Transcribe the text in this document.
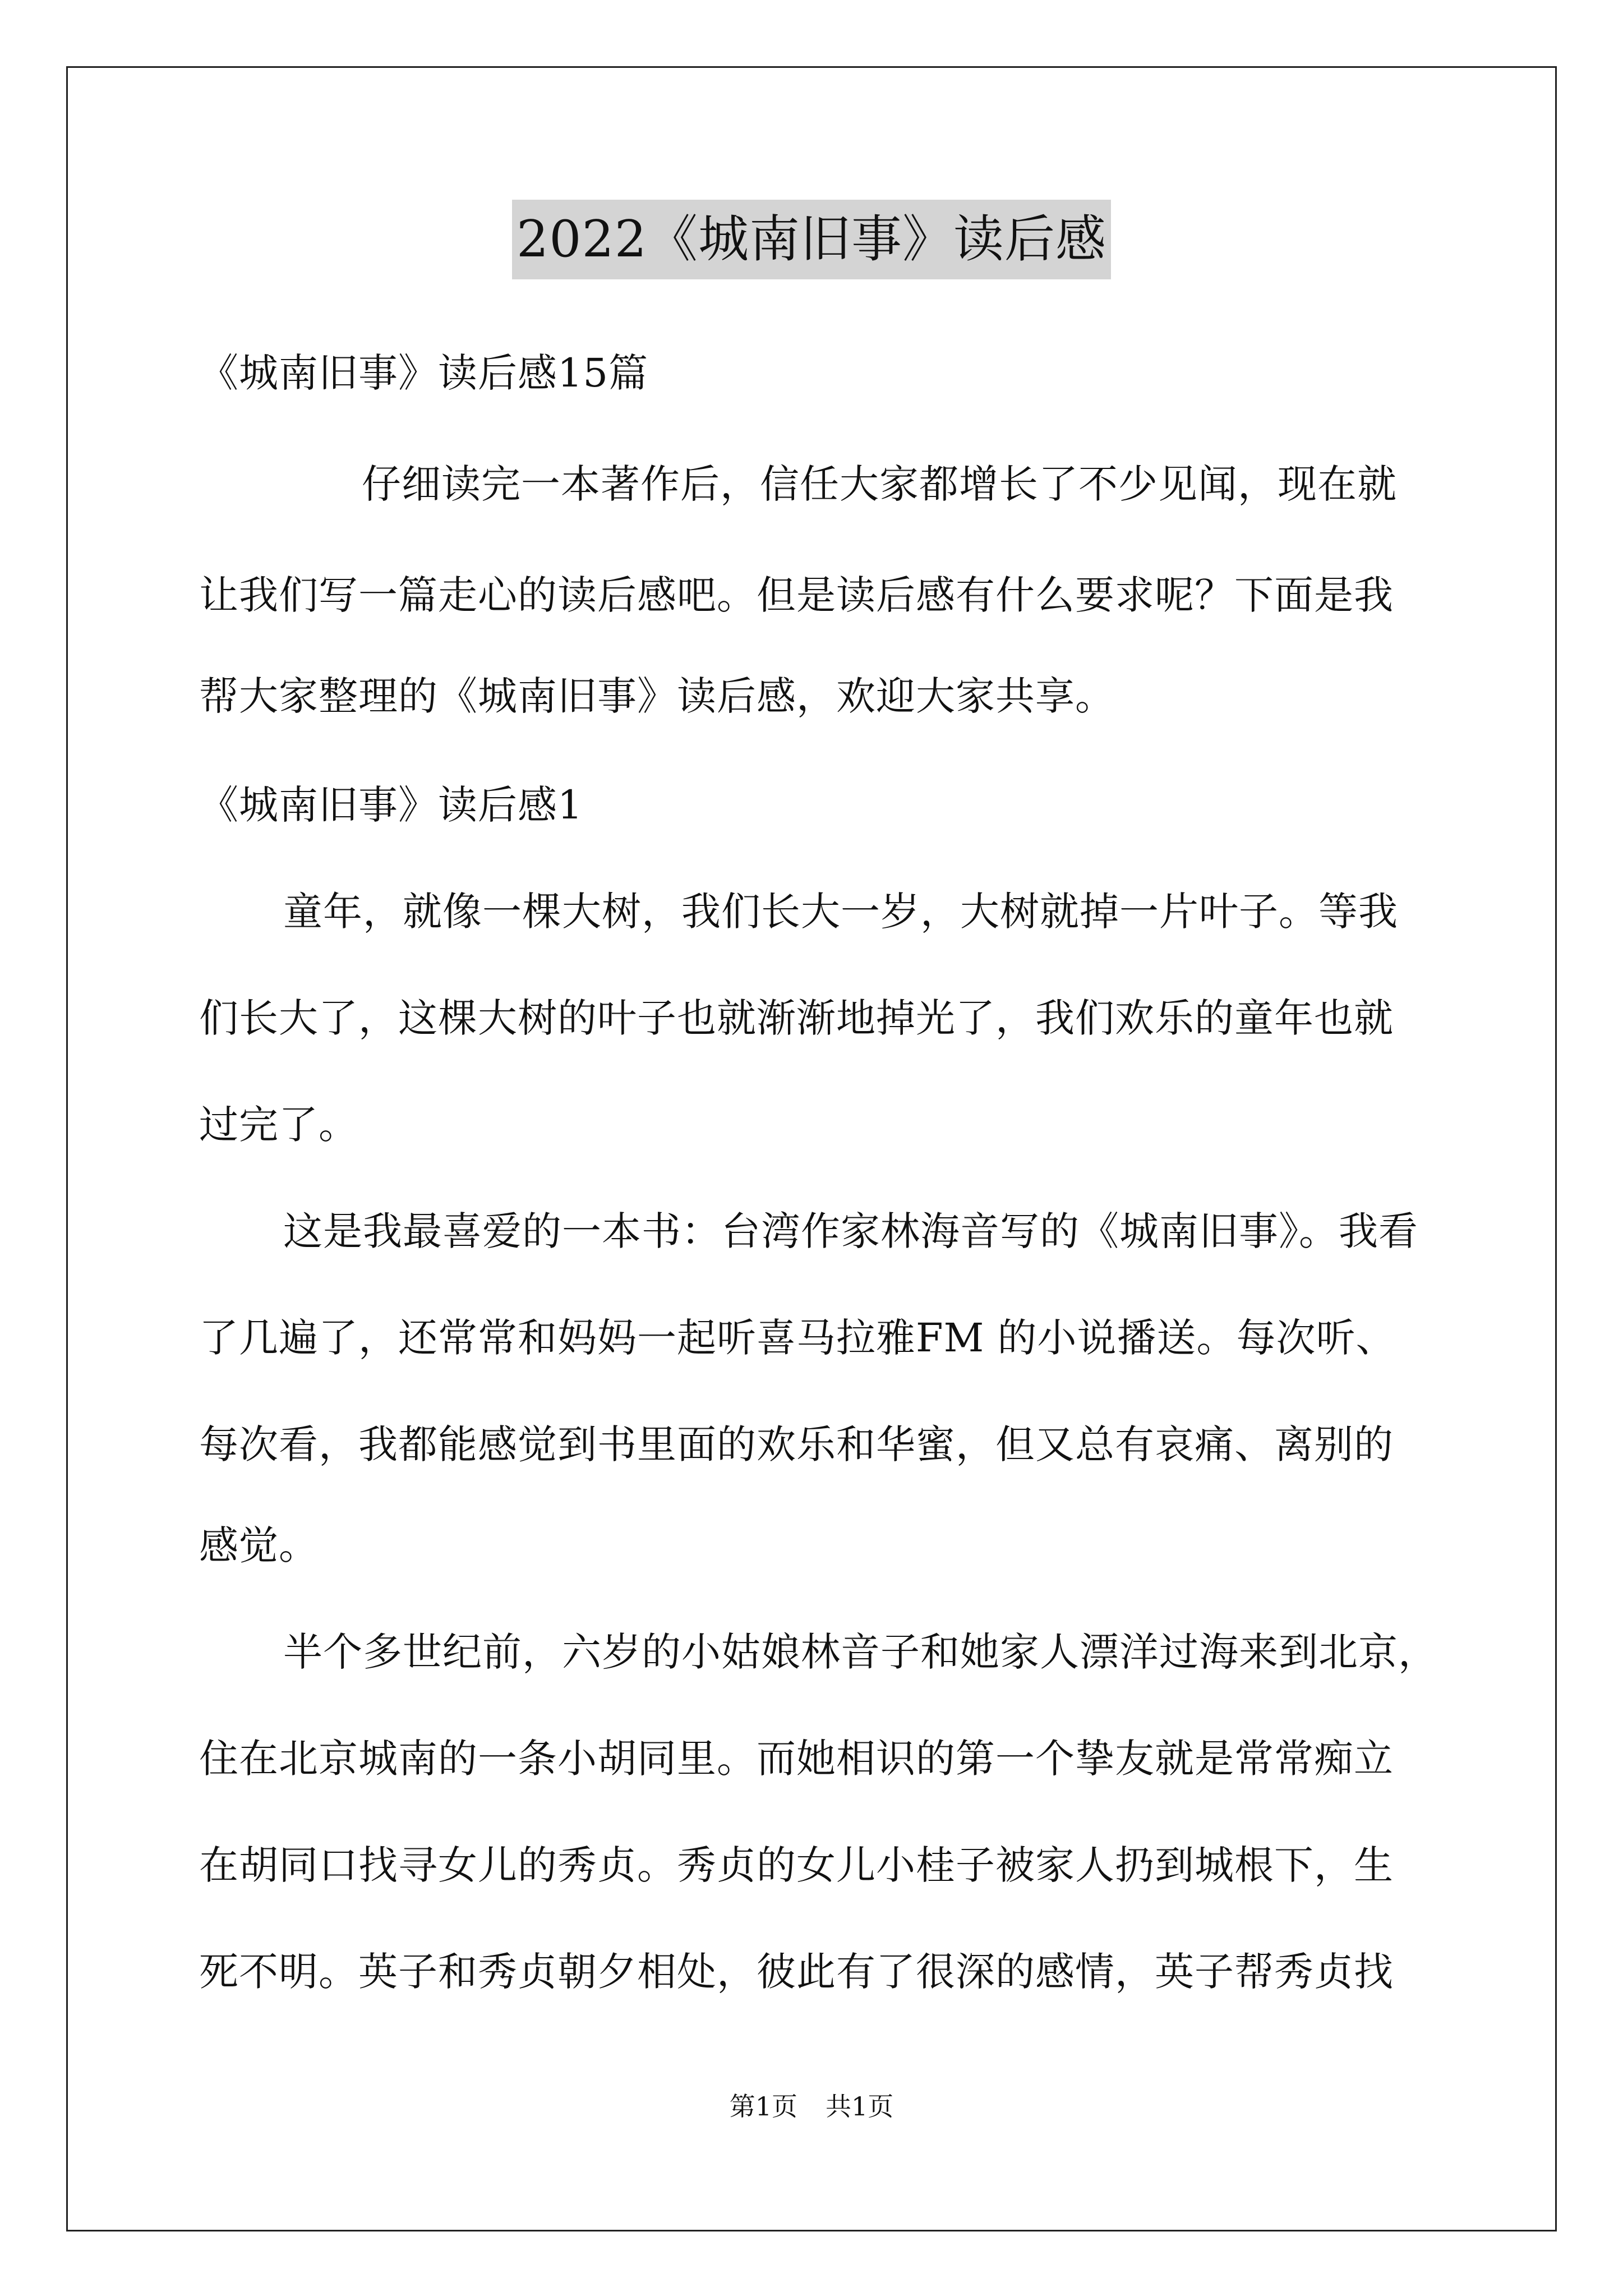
2022《城南旧事》读后感
《城南旧事》读后感15篇
仔细读完一本著作后，信任大家都增长了不少见闻，现在就
让我们写一篇走心的读后感吧。但是读后感有什么要求呢？下面是我
帮大家整理的《城南旧事》读后感，欢迎大家共享。
《城南旧事》读后感1
童年，就像一棵大树，我们长大一岁，大树就掉一片叶子。等我
们长大了，这棵大树的叶子也就渐渐地掉光了，我们欢乐的童年也就
过完了。
这是我最喜爱的一本书：台湾作家林海音写的《城南旧事》。我看
了几遍了，还常常和妈妈一起听喜马拉雅FM 的小说播送。每次听、
每次看，我都能感觉到书里面的欢乐和华蜜，但又总有哀痛、离别的
感觉。
半个多世纪前，六岁的小姑娘林音子和她家人漂洋过海来到北京，
住在北京城南的一条小胡同里。而她相识的第一个挚友就是常常痴立
在胡同口找寻女儿的秀贞。秀贞的女儿小桂子被家人扔到城根下，生
死不明。英子和秀贞朝夕相处，彼此有了很深的感情，英子帮秀贞找
第1页 共1页
